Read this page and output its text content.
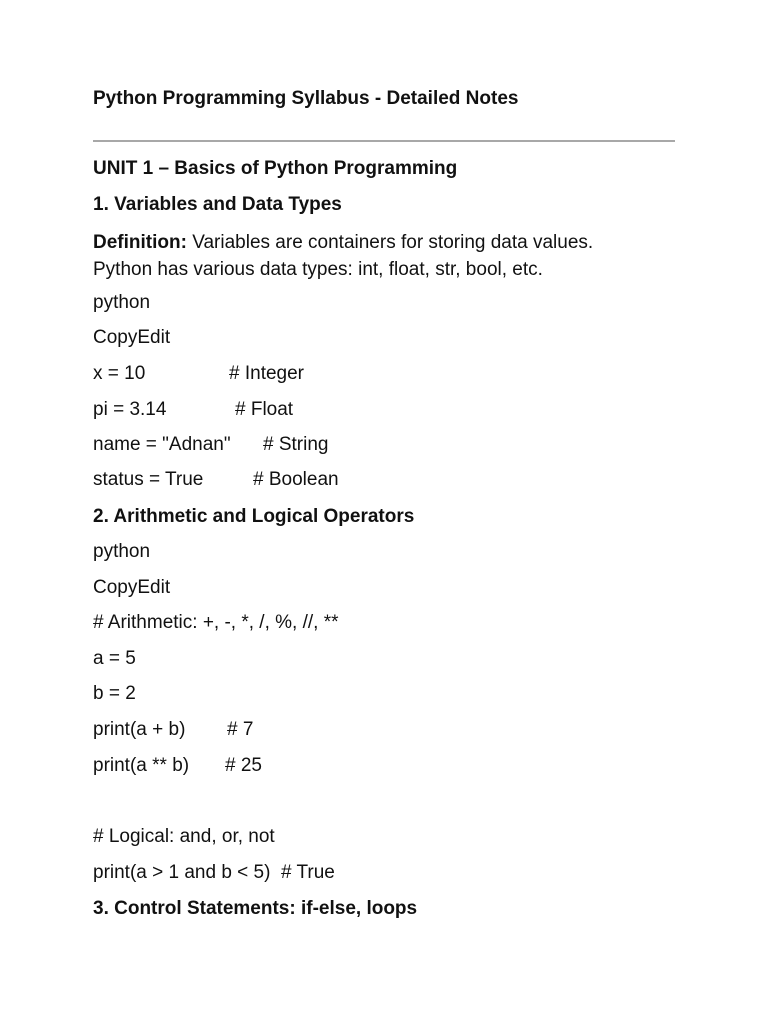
Python Programming Syllabus - Detailed Notes
UNIT 1 – Basics of Python Programming
1. Variables and Data Types
Definition: Variables are containers for storing data values.
Python has various data types: int, float, str, bool, etc.
python
CopyEdit
x = 10	# Integer
pi = 3.14	# Float
name = "Adnan" # String
status = True	# Boolean
2. Arithmetic and Logical Operators
python
CopyEdit
# Arithmetic: +, -, *, /, %, //, **
a = 5
b = 2
print(a + b) # 7
print(a ** b) # 25
# Logical: and, or, not
print(a > 1 and b < 5)  # True
3. Control Statements: if-else, loops
